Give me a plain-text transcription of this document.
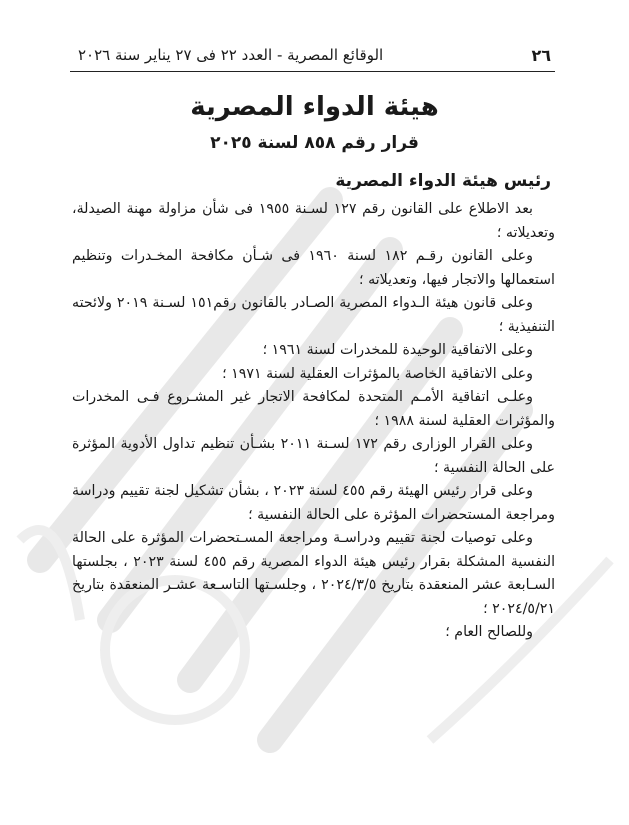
٢٦
الوقائع المصرية - العدد ٢٢ فى ٢٧ يناير سنة ٢٠٢٦
هيئة الدواء المصرية
قرار رقم ٨٥٨ لسنة ٢٠٢٥
رئيس هيئة الدواء المصرية

بعد الاطلاع على القانون رقم ١٢٧ لسـنة ١٩٥٥ فى شأن مزاولة مهنة الصيدلة، وتعديلاته ؛

وعلى القانون رقـم ١٨٢ لسنة ١٩٦٠ فى شـأن مكافحة المخـدرات وتنظيم استعمالها والاتجار فيها، وتعديلاته ؛

وعلى قانون هيئة الـدواء المصرية الصـادر بالقانون رقم١٥١ لسـنة ٢٠١٩ ولائحته التنفيذية ؛

وعلى الاتفاقية الوحيدة للمخدرات لسنة ١٩٦١ ؛

وعلى الاتفاقية الخاصة بالمؤثرات العقلية لسنة ١٩٧١ ؛

وعلـى اتفاقية الأمـم المتحدة لمكافحة الاتجار غير المشـروع فـى المخدرات والمؤثرات العقلية لسنة ١٩٨٨ ؛

وعلى القرار الوزارى رقم ١٧٢ لسـنة ٢٠١١ بشـأن تنظيم تداول الأدوية المؤثرة على الحالة النفسية ؛

وعلى قرار رئيس الهيئة رقم ٤٥٥ لسنة ٢٠٢٣ ، بشأن تشكيل لجنة تقييم ودراسة ومراجعة المستحضرات المؤثرة على الحالة النفسية ؛

وعلى توصيات لجنة تقييم ودراسـة ومراجعة المسـتحضرات المؤثرة على الحالة النفسية المشكلة بقرار رئيس هيئة الدواء المصرية رقم ٤٥٥ لسنة ٢٠٢٣ ، بجلستها السـابعة عشر المنعقدة بتاريخ ٢٠٢٤/٣/٥ ، وجلسـتها التاسـعة عشـر المنعقدة بتاريخ ٢٠٢٤/٥/٢١ ؛

وللصالح العام ؛
